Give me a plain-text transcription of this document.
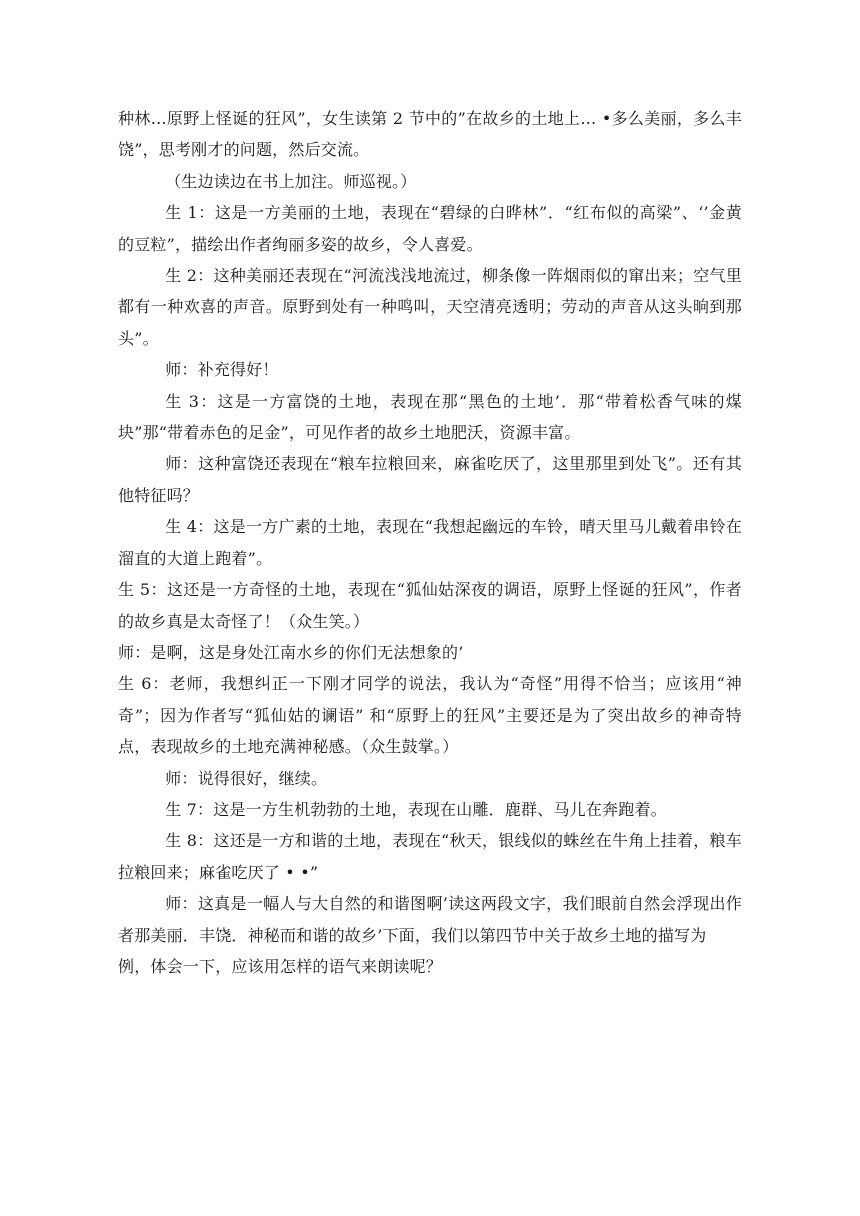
种林…原野上怪诞的狂风”，女生读第 2 节中的”在故乡的土地上… •多么美丽，多么丰饶”，思考刚才的问题，然后交流。

（生边读边在书上加注。师巡视。）

生 1：这是一方美丽的土地，表现在“碧绿的白晔林”．“红布似的高梁”、‘’金黄的豆粒”，描绘出作者绚丽多姿的故乡，令人喜爱。

生 2：这种美丽还表现在“河流浅浅地流过，柳条像一阵烟雨似的窜出来；空气里都有一种欢喜的声音。原野到处有一种鸣叫，天空清亮透明；劳动的声音从这头晌到那头”。

师：补充得好！

生 3：这是一方富饶的土地，表现在那“黑色的土地’．那“带着松香气味的煤块”那“带着赤色的足金”，可见作者的故乡土地肥沃，资源丰富。

师：这种富饶还表现在“粮车拉粮回来，麻雀吃厌了，这里那里到处飞”。还有其他特征吗？

生 4：这是一方广素的土地，表现在“我想起幽远的车铃，晴天里马儿戴着串铃在溜直的大道上跑着”。

生 5：这还是一方奇怪的土地，表现在“狐仙姑深夜的调语，原野上怪诞的狂风”，作者的故乡真是太奇怪了！（众生笑。）

师：是啊，这是身处江南水乡的你们无法想象的’

生 6：老师，我想纠正一下刚才同学的说法，我认为“奇怪”用得不恰当；应该用“神奇”；因为作者写“狐仙姑的谰语” 和“原野上的狂风”主要还是为了突出故乡的神奇特点，表现故乡的土地充满神秘感。（众生鼓掌。）

师：说得很好，继续。

生 7：这是一方生机勃勃的土地，表现在山雕．鹿群、马儿在奔跑着。

生 8：这还是一方和谐的土地，表现在“秋天，银线似的蛛丝在牛角上挂着，粮车拉粮回来；麻雀吃厌了 • •”

师：这真是一幅人与大自然的和谐图啊’读这两段文字，我们眼前自然会浮现出作者那美丽．丰饶．神秘而和谐的故乡’下面，我们以第四节中关于故乡土地的描写为

例，体会一下，应该用怎样的语气来朗读呢？
